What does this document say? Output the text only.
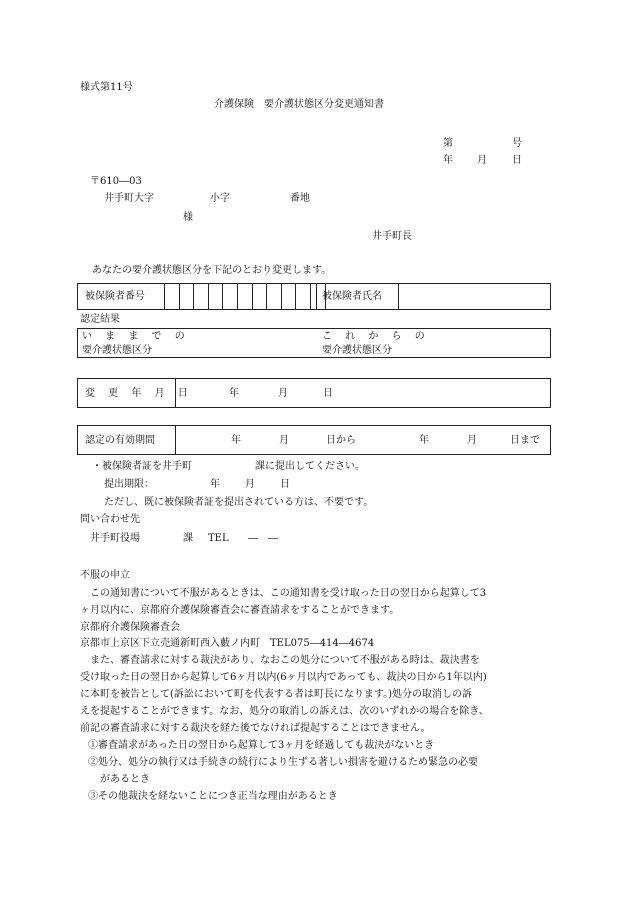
様式第11号
介護保険　要介護状態区分変更通知書
第	号
年 月	日
〒610―03
井手町大字	小字	番地
様
井手町長
あなたの要介護状態区分を下記のとおり変更します。
被保険者番号	被保険者氏名
認定結果
い ま ま で の
要介護状態区分
こ れ か ら の
要介護状態区分
変 更 年 月 日	年	月	日
認定の有効期間	年	月	日から	年	月	日まで
・被保険者証を井手町	課に提出してください。
提出期限：	年	月	日
ただし、既に被保険者証を提出されている方は、不要です。
問い合わせ先
井手町役場	課 TEL ―　―
不服の申立
　この通知書について不服があるときは、この通知書を受け取った日の翌日から起算して3
ヶ月以内に、京都府介護保険審査会に審査請求をすることができます。
京都府介護保険審査会
京都市上京区下立売通新町西入藪ノ内町　TEL075―414―4674
　また、審査請求に対する裁決があり、なおこの処分について不服がある時は、裁決書を
受け取った日の翌日から起算して6ヶ月以内(6ヶ月以内であっても、裁決の日から1年以内)
に本町を被告として(訴訟において町を代表する者は町長になります。)処分の取消しの訴
えを提起することができます。なお、処分の取消しの訴えは、次のいずれかの場合を除き、
前記の審査請求に対する裁決を経た後でなければ提起することはできません。
①審査請求があった日の翌日から起算して3ヶ月を経過しても裁決がないとき
②処分、処分の執行又は手続きの続行により生ずる著しい損害を避けるため緊急の必要
があるとき
③その他裁決を経ないことにつき正当な理由があるとき
